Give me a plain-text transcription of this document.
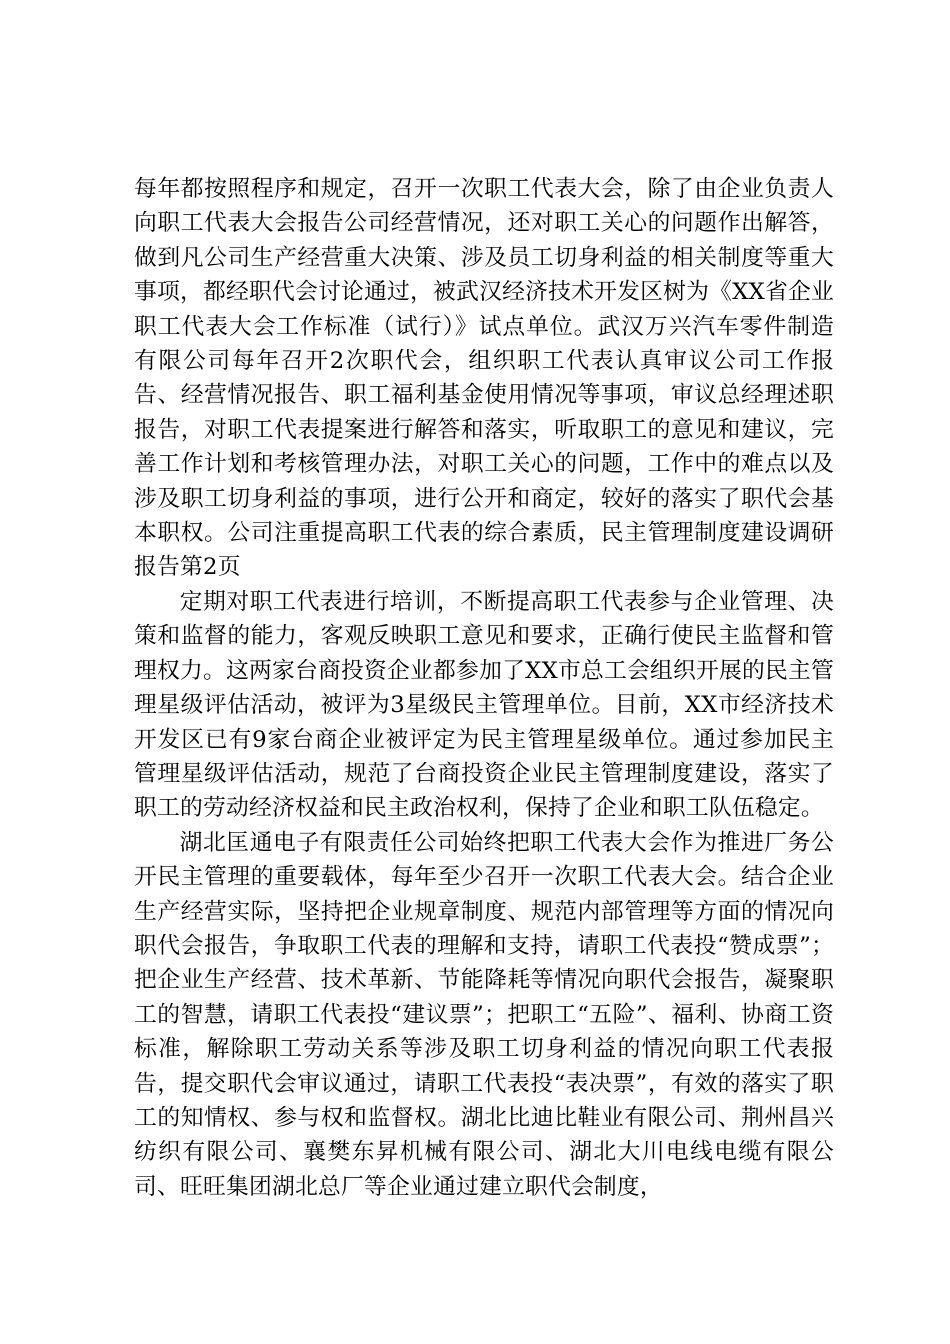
每年都按照程序和规定，召开一次职工代表大会，除了由企业负责人向职工代表大会报告公司经营情况，还对职工关心的问题作出解答，做到凡公司生产经营重大决策、涉及员工切身利益的相关制度等重大事项，都经职代会讨论通过，被武汉经济技术开发区树为《XX省企业职工代表大会工作标准（试行）》试点单位。武汉万兴汽车零件制造有限公司每年召开2次职代会，组织职工代表认真审议公司工作报告、经营情况报告、职工福利基金使用情况等事项，审议总经理述职报告，对职工代表提案进行解答和落实，听取职工的意见和建议，完善工作计划和考核管理办法，对职工关心的问题，工作中的难点以及涉及职工切身利益的事项，进行公开和商定，较好的落实了职代会基本职权。公司注重提高职工代表的综合素质，民主管理制度建设调研报告第2页

定期对职工代表进行培训，不断提高职工代表参与企业管理、决策和监督的能力，客观反映职工意见和要求，正确行使民主监督和管理权力。这两家台商投资企业都参加了XX市总工会组织开展的民主管理星级评估活动，被评为3星级民主管理单位。目前，XX市经济技术开发区已有9家台商企业被评定为民主管理星级单位。通过参加民主管理星级评估活动，规范了台商投资企业民主管理制度建设，落实了职工的劳动经济权益和民主政治权利，保持了企业和职工队伍稳定。

湖北匡通电子有限责任公司始终把职工代表大会作为推进厂务公开民主管理的重要载体，每年至少召开一次职工代表大会。结合企业生产经营实际，坚持把企业规章制度、规范内部管理等方面的情况向职代会报告，争取职工代表的理解和支持，请职工代表投“赞成票”；把企业生产经营、技术革新、节能降耗等情况向职代会报告，凝聚职工的智慧，请职工代表投“建议票”；把职工“五险”、福利、协商工资标准，解除职工劳动关系等涉及职工切身利益的情况向职工代表报告，提交职代会审议通过，请职工代表投“表决票”，有效的落实了职工的知情权、参与权和监督权。湖北比迪比鞋业有限公司、荆州昌兴纺织有限公司、襄樊东昇机械有限公司、湖北大川电线电缆有限公司、旺旺集团湖北总厂等企业通过建立职代会制度，
